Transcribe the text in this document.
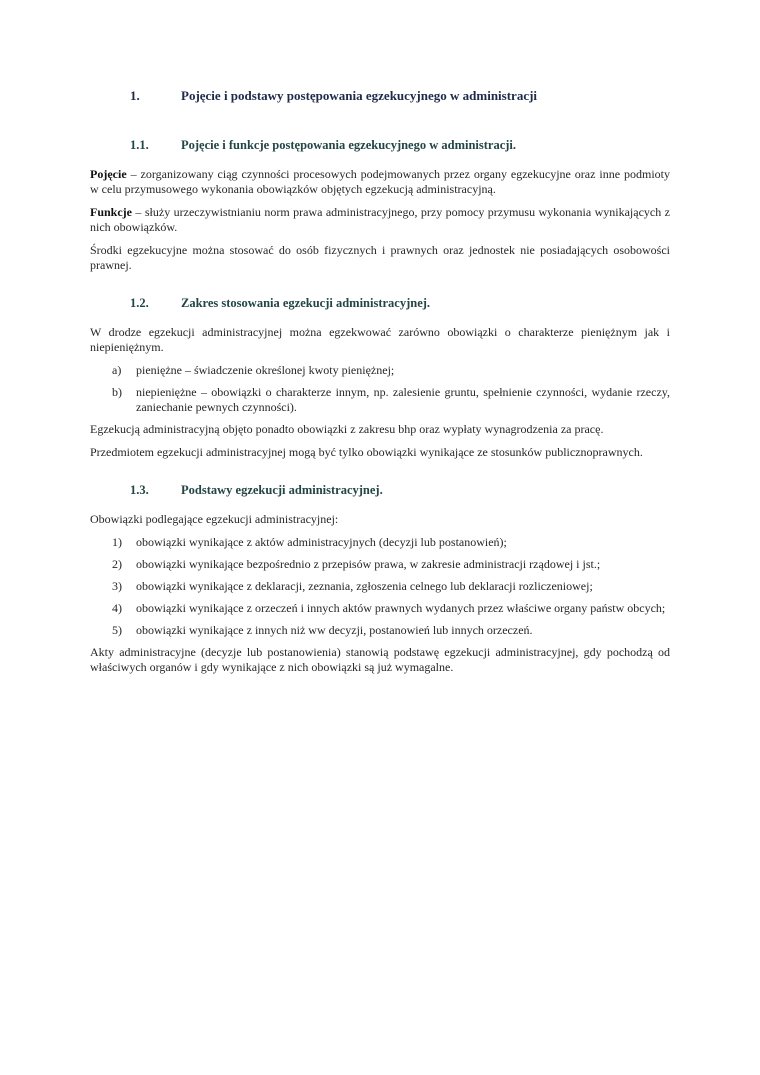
1.	Pojęcie i podstawy postępowania egzekucyjnego w administracji
1.1.	Pojęcie i funkcje postępowania egzekucyjnego w administracji.

Pojęcie – zorganizowany ciąg czynności procesowych podejmowanych przez organy egzekucyjne oraz inne podmioty w celu przymusowego wykonania obowiązków objętych egzekucją administracyjną.

Funkcje – służy urzeczywistnianiu norm prawa administracyjnego, przy pomocy przymusu wykonania wynikających z nich obowiązków.

Środki egzekucyjne można stosować do osób fizycznych i prawnych oraz jednostek nie posiadających osobowości prawnej.

1.2.	Zakres stosowania egzekucji administracyjnej.

W drodze egzekucji administracyjnej można egzekwować zarówno obowiązki o charakterze pieniężnym jak i niepieniężnym.

a)	pieniężne – świadczenie określonej kwoty pieniężnej;
b)	niepieniężne – obowiązki o charakterze innym, np. zalesienie gruntu, spełnienie czynności, wydanie rzeczy, zaniechanie pewnych czynności).

Egzekucją administracyjną objęto ponadto obowiązki z zakresu bhp oraz wypłaty wynagrodzenia za pracę.

Przedmiotem egzekucji administracyjnej mogą być tylko obowiązki wynikające ze stosunków publicznoprawnych.

1.3.	Podstawy egzekucji administracyjnej.

Obowiązki podlegające egzekucji administracyjnej:

1)	obowiązki wynikające z aktów administracyjnych (decyzji lub postanowień);
2)	obowiązki wynikające bezpośrednio z przepisów prawa, w zakresie administracji rządowej i jst.;
3)	obowiązki wynikające z deklaracji, zeznania, zgłoszenia celnego lub deklaracji rozliczeniowej;
4)	obowiązki wynikające z orzeczeń i innych aktów prawnych wydanych przez właściwe organy państw obcych;
5)	obowiązki wynikające z innych niż ww decyzji, postanowień lub innych orzeczeń.

Akty administracyjne (decyzje lub postanowienia) stanowią podstawę egzekucji administracyjnej, gdy pochodzą od właściwych organów i gdy wynikające z nich obowiązki są już wymagalne.
